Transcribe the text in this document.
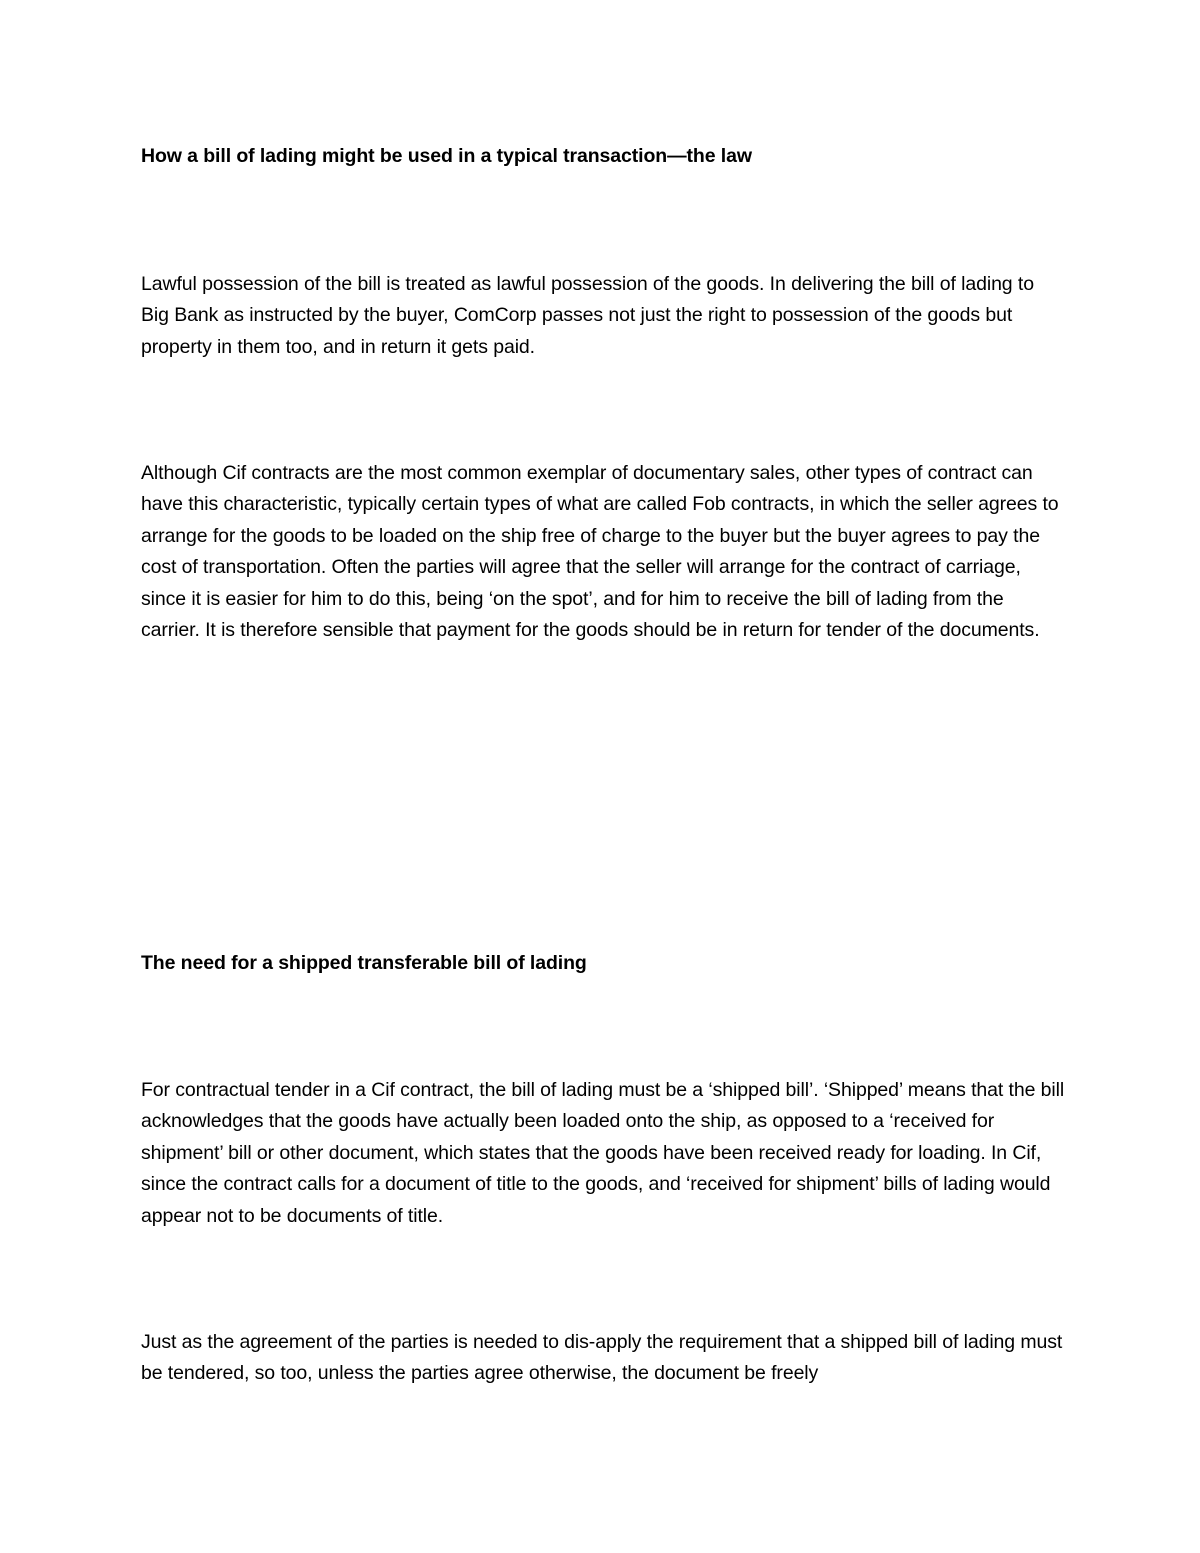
How a bill of lading might be used in a typical transaction—the law

Lawful possession of the bill is treated as lawful possession of the goods. In delivering the bill of lading to Big Bank as instructed by the buyer, ComCorp passes not just the right to possession of the goods but property in them too, and in return it gets paid.

Although Cif contracts are the most common exemplar of documentary sales, other types of contract can have this characteristic, typically certain types of what are called Fob contracts, in which the seller agrees to arrange for the goods to be loaded on the ship free of charge to the buyer but the buyer agrees to pay the cost of transportation. Often the parties will agree that the seller will arrange for the contract of carriage, since it is easier for him to do this, being ‘on the spot’, and for him to receive the bill of lading from the carrier. It is therefore sensible that payment for the goods should be in return for tender of the documents.

The need for a shipped transferable bill of lading

For contractual tender in a Cif contract, the bill of lading must be a ‘shipped bill’. ‘Shipped’ means that the bill acknowledges that the goods have actually been loaded onto the ship, as opposed to a ‘received for shipment’ bill or other document, which states that the goods have been received ready for loading. In Cif, since the contract calls for a document of title to the goods, and ‘received for shipment’ bills of lading would appear not to be documents of title.

Just as the agreement of the parties is needed to dis-apply the requirement that a shipped bill of lading must be tendered, so too, unless the parties agree otherwise, the document be freely
